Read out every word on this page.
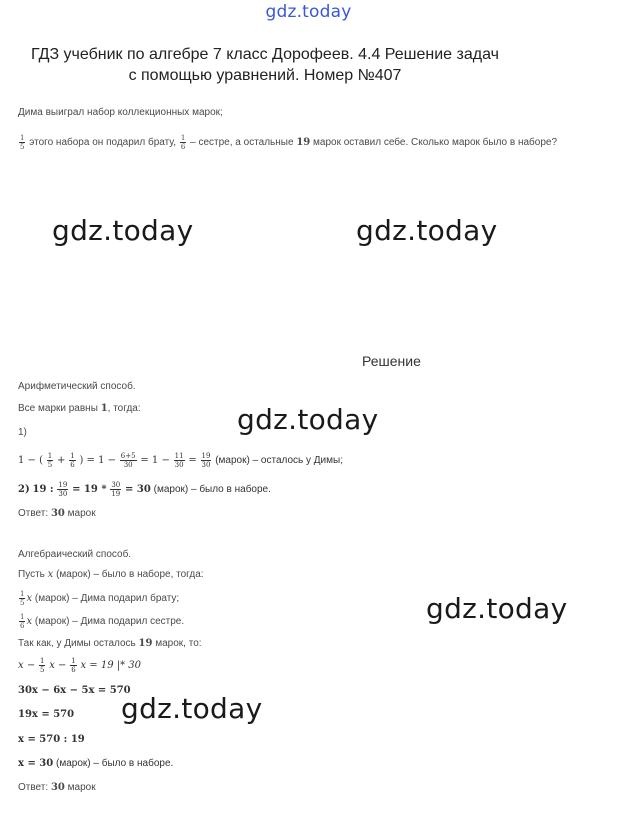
gdz.today
ГДЗ учебник по алгебре 7 класс Дорофеев. 4.4 Решение задач
с помощью уравнений. Номер №407
Дима выиграл набор коллекционных марок;
$\frac{1}{5}$ этого набора он подарил брату, $\frac{1}{6}$ – сестре, а остальные 19 марок оставил себе. Сколько марок было в наборе?
gdz.today	gdz.today
gdz.today
gdz.today
gdz.today
Решение
Арифметический способ.
Все марки равны 1, тогда:
1)
1 − ( $\frac{1}{5} + \frac{1}{6}$ ) = $1 - \frac{6+5}{30} = 1 - \frac{11}{30} = \frac{19}{30}$ (марок) – осталось у Димы;
2) 19 : $\frac{19}{30} = 19 * \frac{30}{19} = 30$ (марок) – было в наборе.
Ответ: 30 марок
Алгебраический способ.
Пусть x (марок) – было в наборе, тогда:
$\frac{1}{5}$ x (марок) – Дима подарил брату;
$\frac{1}{6}$ x (марок) – Дима подарил сестре.
Так как, у Димы осталось 19 марок, то:
$x - \frac{1}{5}$ $x - \frac{1}{6}$ x = 19 |* 30
30x − 6x − 5x = 570
19x = 570
x = 570 : 19
x = 30 (марок) – было в наборе.
Ответ: 30 марок
